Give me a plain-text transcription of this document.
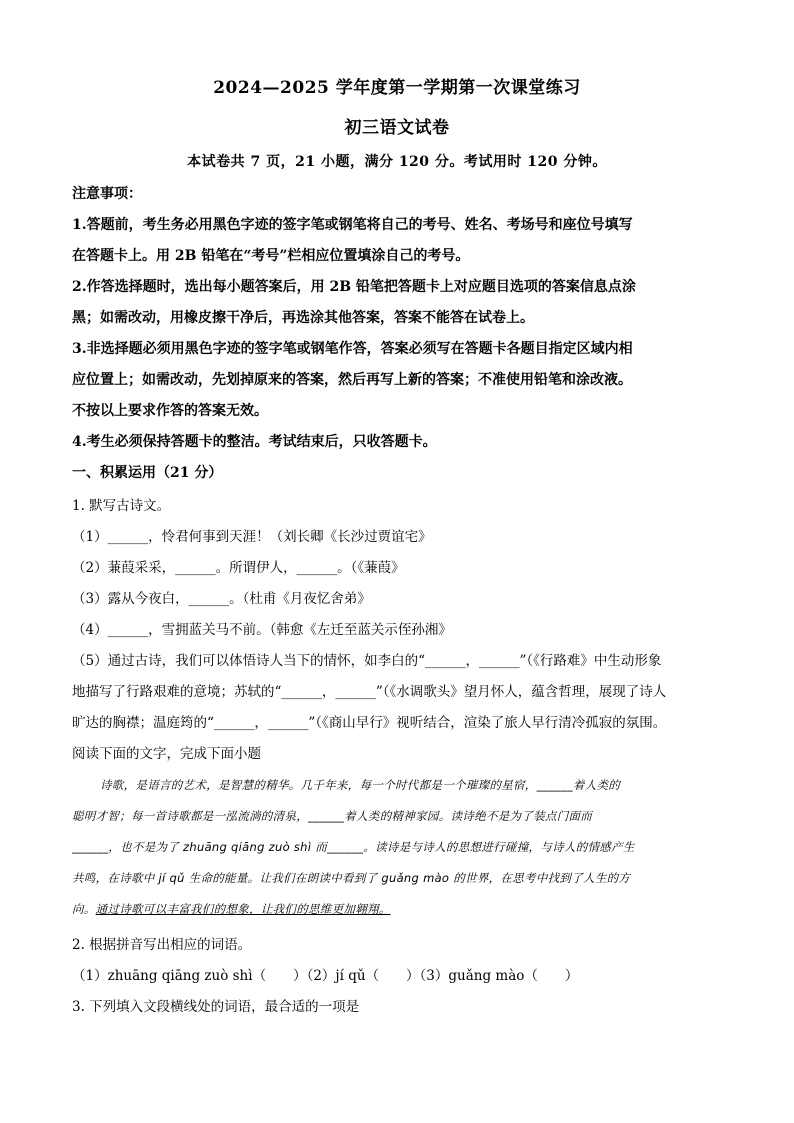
2024—2025 学年度第一学期第一次课堂练习
初三语文试卷
本试卷共 7 页，21 小题，满分 120 分。考试用时 120 分钟。
注意事项：
1.答题前，考生务必用黑色字迹的签字笔或钢笔将自己的考号、姓名、考场号和座位号填写
在答题卡上。用 2B 铅笔在“考号”栏相应位置填涂自己的考号。
2.作答选择题时，选出每小题答案后，用 2B 铅笔把答题卡上对应题目选项的答案信息点涂
黑；如需改动，用橡皮擦干净后，再选涂其他答案，答案不能答在试卷上。
3.非选择题必须用黑色字迹的签字笔或钢笔作答，答案必须写在答题卡各题目指定区域内相
应位置上；如需改动，先划掉原来的答案，然后再写上新的答案；不准使用铅笔和涂改液。
不按以上要求作答的答案无效。
4.考生必须保持答题卡的整洁。考试结束后，只收答题卡。
一、积累运用（21 分）
1. 默写古诗文。
（1）______，怜君何事到天涯！（刘长卿《长沙过贾谊宅》
（2）蒹葭采采，______。所谓伊人，______。（《蒹葭》
（3）露从今夜白，______。（杜甫《月夜忆舍弟》
（4）______，雪拥蓝关马不前。（韩愈《左迁至蓝关示侄孙湘》
（5）通过古诗，我们可以体悟诗人当下的情怀，如李白的“______，______”（《行路难》中生动形象
地描写了行路艰难的意境；苏轼的“______，______”（《水调歌头》望月怀人，蕴含哲理，展现了诗人
旷达的胸襟；温庭筠的“______，______”（《商山早行》视听结合，渲染了旅人早行清冷孤寂的氛围。
阅读下面的文字，完成下面小题
诗歌，是语言的艺术，是智慧的精华。几千年来，每一个时代都是一个璀璨的星宿，______着人类的
聪明才智；每一首诗歌都是一泓流淌的清泉，______着人类的精神家园。读诗绝不是为了装点门面而
______，也不是为了 zhuāng qiāng zuò shì 而______。读诗是与诗人的思想进行碰撞，与诗人的情感产生
共鸣，在诗歌中 jí qǔ 生命的能量。让我们在朗读中看到了 guǎng mào 的世界，在思考中找到了人生的方
向。通过诗歌可以丰富我们的想象，让我们的思维更加翱翔。
2. 根据拼音写出相应的词语。
（1）zhuāng qiāng zuò shì（　　）（2）jí qǔ（　　）（3）guǎng mào（　　）
3. 下列填入文段横线处的词语，最合适的一项是
